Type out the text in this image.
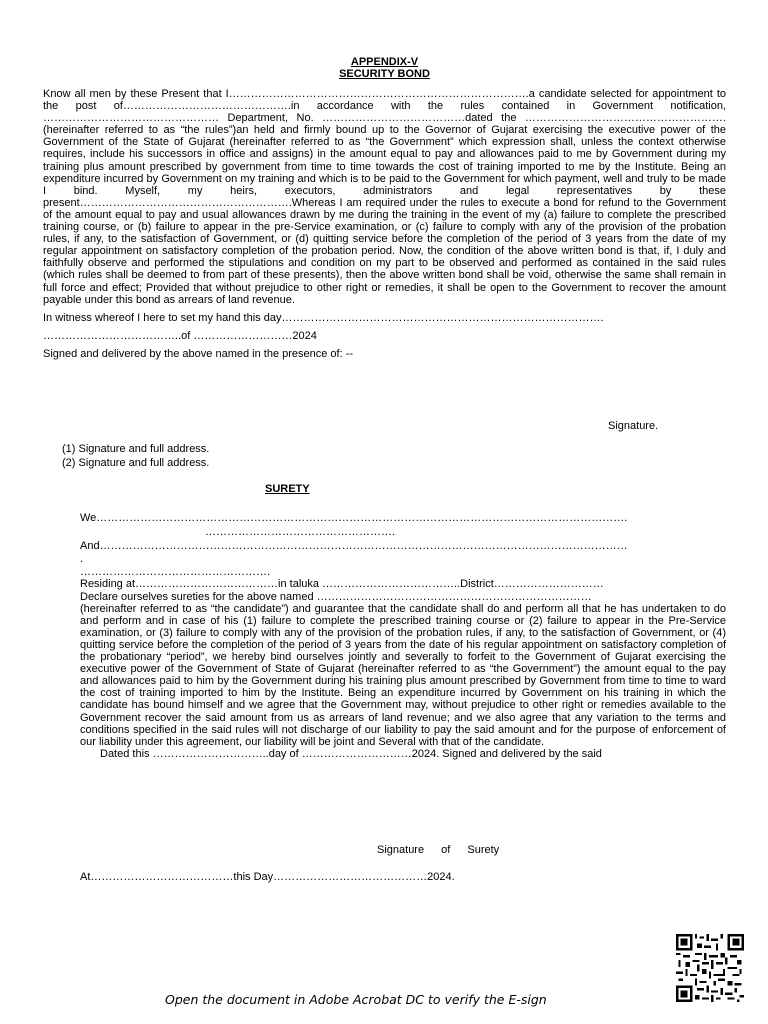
APPENDIX-V
SECURITY BOND

Know all men by these Present that I……………………………………………………………………….a candidate selected for appointment to the post of……………………………………….in accordance with the rules contained in Government notification, ………………………………………… Department, No. …………………………………dated the ……………………………………………….(hereinafter referred to as “the rules”)an held and firmly bound up to the Governor of Gujarat exercising the executive power of the Government of the State of Gujarat (hereinafter referred to as “the Government” which expression shall, unless the context otherwise requires, include his successors in office and assigns) in the amount equal to pay and allowances paid to me by Government during my training plus amount prescribed by government from time to time towards the cost of training imported to me by the Institute. Being an expenditure incurred by Government on my training and which is to be paid to the Government for which payment, well and truly to be made I bind. Myself, my heirs, executors, administrators and legal representatives by these present………………………………………………….Whereas I am required under the rules to execute a bond for refund to the Government of the amount equal to pay and usual allowances drawn by me during the training in the event of my (a) failure to complete the prescribed training course, or (b) failure to appear in the pre-Service examination, or (c) failure to comply with any of the provision of the probation rules, if any, to the satisfaction of Government, or (d) quitting service before the completion of the period of 3 years from the date of my regular appointment on satisfactory completion of the probation period. Now, the condition of the above written bond is that, if, I duly and faithfully observe and performed the stipulations and condition on my part to be observed and performed as contained in the said rules (which rules shall be deemed to from part of these presents), then the above written bond shall be void, otherwise the same shall remain in full force and effect; Provided that without prejudice to other right or remedies, it shall be open to the Government to recover the amount payable under this bond as arrears of land revenue.

In witness whereof I here to set my hand this day…………………………………………………………………………….

………………………………..of ………………………2024

Signed and delivered by the above named in the presence of: --

Signature.
(1) Signature and full address.
(2) Signature and full address.
SURETY

We……………………………………………………………………………………………………………………………….

…………………………………………….

And………………………………………………………………………………………………………………………………

.

…………………………………………….

Residing at…………………………………in taluka ………………………………..District…………………………

Declare ourselves sureties for the above named …………………………………………………………………

(hereinafter referred to as “the candidate”) and guarantee that the candidate shall do and perform all that he has undertaken to do and perform and in case of his (1) failure to complete the prescribed training course or (2) failure to appear in the Pre-Service examination, or (3) failure to comply with any of the provision of the probation rules, if any, to the satisfaction of Government, or (4) quitting service before the completion of the period of 3 years from the date of his regular appointment on satisfactory completion of the probationary “period”, we hereby bind ourselves jointly and severally to forfeit to the Government of Gujarat exercising the executive power of the Government of State of Gujarat (hereinafter referred to as “the Government”) the amount equal to the pay and allowances paid to him by the Government during his training plus amount prescribed by Government from time to time to ward the cost of training imported to him by the Institute. Being an expenditure incurred by Government on his training in which the candidate has bound himself and we agree that the Government may, without prejudice to other right or remedies available to the Government recover the said amount from us as arrears of land revenue; and we also agree that any variation to the terms and conditions specified in the said rules will not discharge of our liability to pay the said amount and for the purpose of enforcement of our liability under this agreement, our liability will be joint and Several with that of the candidate.

Dated this …………………………..day of …………………………2024. Signed and delivered by the said

Signature of Surety
At…………………………………this Day……………………………………2024.
Open the document in Adobe Acrobat DC to verify the E-sign
